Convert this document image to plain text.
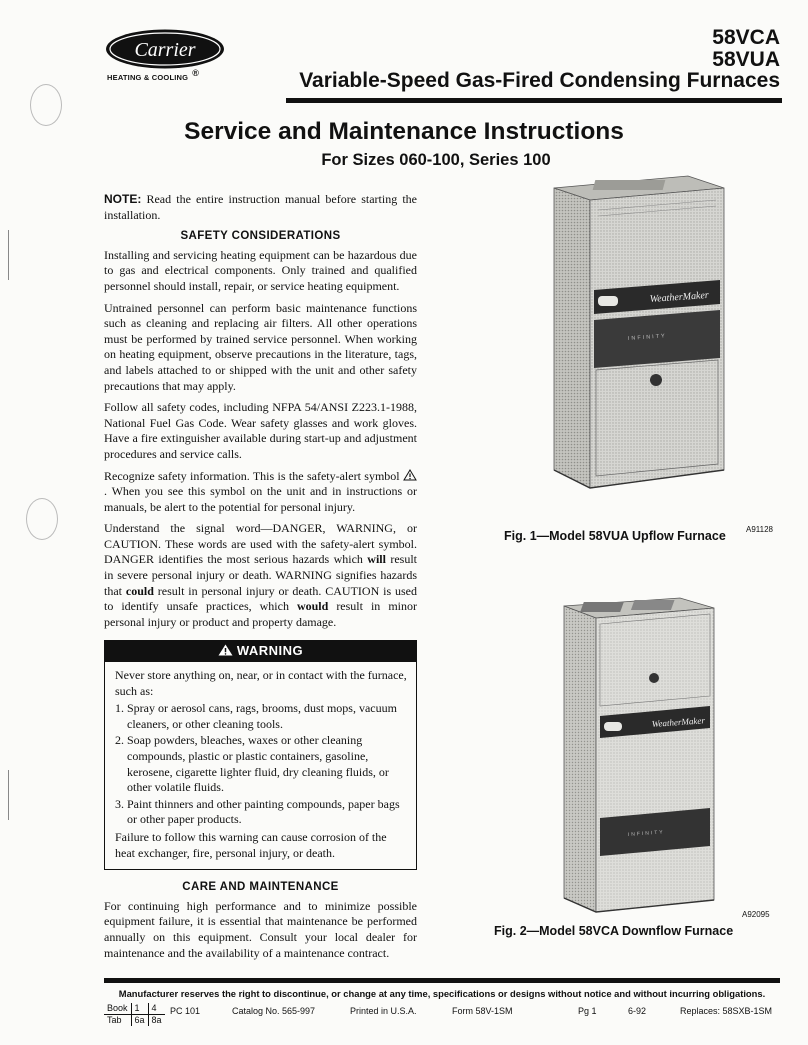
Carrier
HEATING & COOLING ®
58VCA
58VUA
Variable-Speed Gas-Fired Condensing Furnaces
Service and Maintenance Instructions
For Sizes 060-100, Series 100

NOTE: Read the entire instruction manual before starting the installation.

SAFETY CONSIDERATIONS

Installing and servicing heating equipment can be hazardous due to gas and electrical components. Only trained and qualified personnel should install, repair, or service heating equipment.

Untrained personnel can perform basic maintenance functions such as cleaning and replacing air filters. All other operations must be performed by trained service personnel. When working on heating equipment, observe precautions in the literature, tags, and labels attached to or shipped with the unit and other safety precautions that may apply.

Follow all safety codes, including NFPA 54/ANSI Z223.1-1988, National Fuel Gas Code. Wear safety glasses and work gloves. Have a fire extinguisher available during start-up and adjustment procedures and service calls.

Recognize safety information. This is the safety-alert symbol . When you see this symbol on the unit and in instructions or manuals, be alert to the potential for personal injury.

Understand the signal word—DANGER, WARNING, or CAUTION. These words are used with the safety-alert symbol. DANGER identifies the most serious hazards which will result in severe personal injury or death. WARNING signifies hazards that could result in personal injury or death. CAUTION is used to identify unsafe practices, which would result in minor personal injury or product and property damage.

WARNING

Never store anything on, near, or in contact with the furnace, such as:

1. Spray or aerosol cans, rags, brooms, dust mops, vacuum cleaners, or other cleaning tools.
2. Soap powders, bleaches, waxes or other cleaning compounds, plastic or plastic containers, gasoline, kerosene, cigarette lighter fluid, dry cleaning fluids, or other volatile fluids.
3. Paint thinners and other painting compounds, paper bags or other paper products.

Failure to follow this warning can cause corrosion of the heat exchanger, fire, personal injury, or death.

CARE AND MAINTENANCE

For continuing high performance and to minimize possible equipment failure, it is essential that maintenance be performed annually on this equipment. Consult your local dealer for maintenance and the availability of a maintenance contract.

WeatherMaker
INFINITY
Fig. 1—Model 58VUA Upflow Furnace	A91128
WeatherMaker
INFINITY
A92095
Fig. 2—Model 58VCA Downflow Furnace
Manufacturer reserves the right to discontinue, or change at any time, specifications or designs without notice and without incurring obligations.
Book	1	4
Tab	6a	8a
PC 101	Catalog No. 565-997	Printed in U.S.A.	Form 58V-1SM	Pg 1	6-92	Replaces: 58SXB-1SM
